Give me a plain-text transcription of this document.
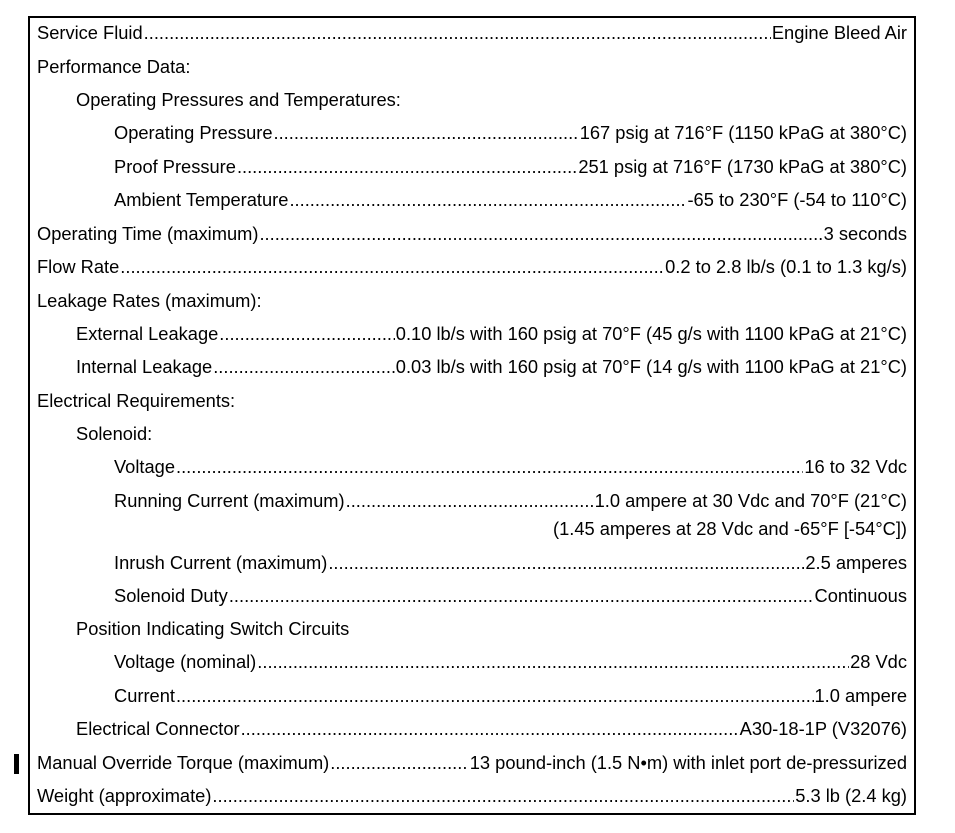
Service Fluid .....	Engine Bleed Air
Performance Data:
Operating Pressures and Temperatures:
Operating Pressure .....	167 psig at 716°F (1150 kPaG at 380°C)
Proof Pressure .....	251 psig at 716°F (1730 kPaG at 380°C)
Ambient Temperature .....	-65 to 230°F (-54 to 110°C)
Operating Time (maximum) .....	3 seconds
Flow Rate .....	0.2 to 2.8 lb/s (0.1 to 1.3 kg/s)
Leakage Rates (maximum):
External Leakage .....	0.10 lb/s with 160 psig at 70°F (45 g/s with 1100 kPaG at 21°C)
Internal Leakage .....	0.03 lb/s with 160 psig at 70°F (14 g/s with 1100 kPaG at 21°C)
Electrical Requirements:
Solenoid:
Voltage .....	16 to 32 Vdc
Running Current (maximum) .....	1.0 ampere at 30 Vdc and 70°F (21°C)
(1.45 amperes at 28 Vdc and -65°F [-54°C])
Inrush Current (maximum) .....	2.5 amperes
Solenoid Duty .....	Continuous
Position Indicating Switch Circuits
Voltage (nominal) .....	28 Vdc
Current .....	1.0 ampere
Electrical Connector .....	A30-18-1P (V32076)
Manual Override Torque (maximum) .....	13 pound-inch (1.5 N•m) with inlet port de-pressurized
Weight (approximate) .....	5.3 lb (2.4 kg)
